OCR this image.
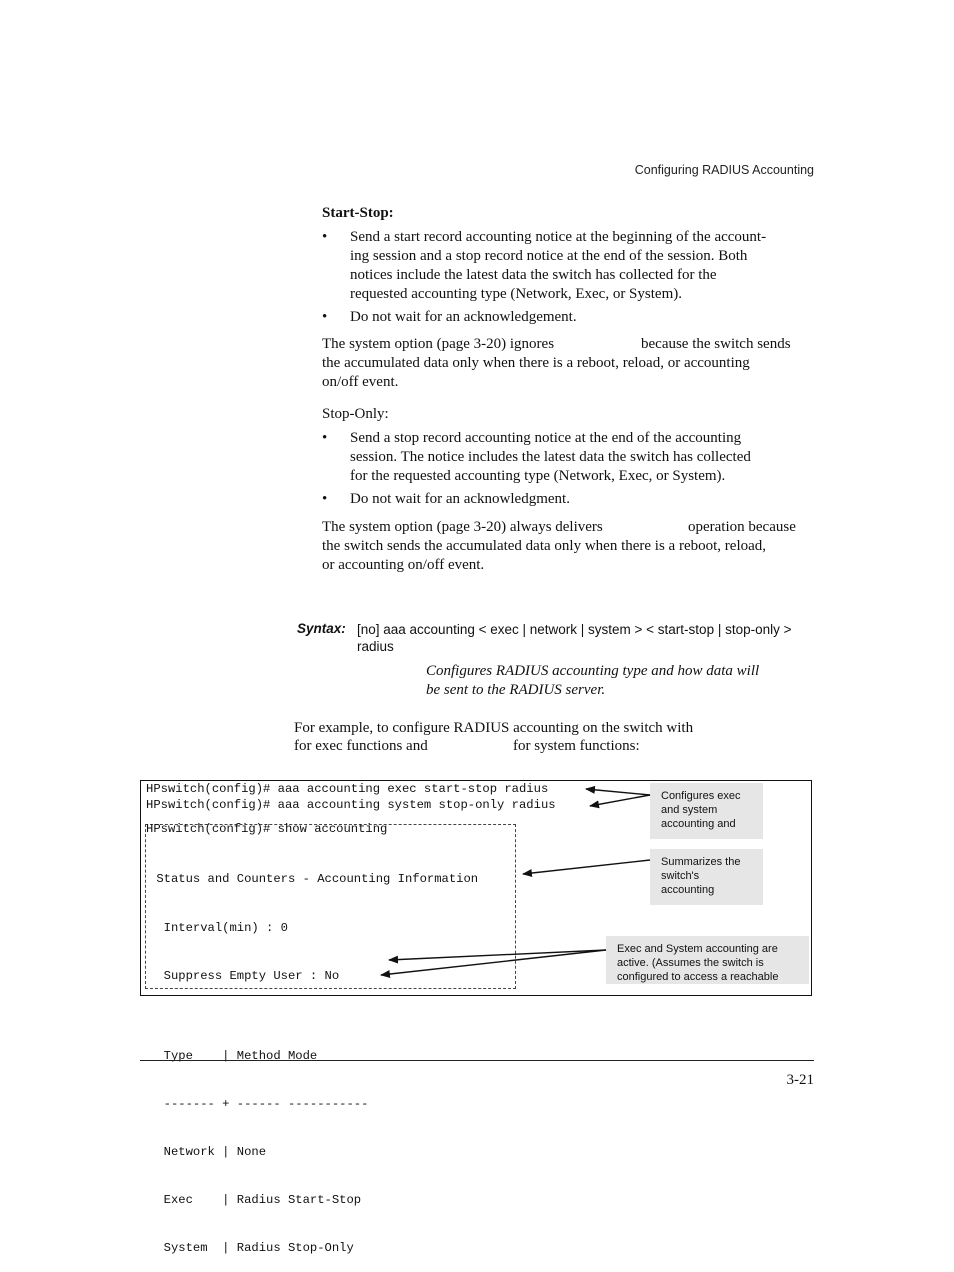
Configuring RADIUS Accounting
Start-Stop:
• Send a start record accounting notice at the beginning of the account-
ing session and a stop record notice at the end of the session. Both
notices include the latest data the switch has collected for the
requested accounting type (Network, Exec, or System).
• Do not wait for an acknowledgement.
The system option (page 3-20) ignores	because the switch sends
the accumulated data only when there is a reboot, reload, or accounting
on/off event.
Stop-Only:
• Send a stop record accounting notice at the end of the accounting
session. The notice includes the latest data the switch has collected
for the requested accounting type (Network, Exec, or System).
• Do not wait for an acknowledgment.
The system option (page 3-20) always delivers	operation because
the switch sends the accumulated data only when there is a reboot, reload,
or accounting on/off event.
Syntax: [no] aaa accounting < exec | network | system > < start-stop | stop-only >
radius
Configures RADIUS accounting type and how data will
be sent to the RADIUS server.
For example, to configure RADIUS accounting on the switch with
for exec functions and	for system functions:
HPswitch(config)# aaa accounting exec start-stop radius
HPswitch(config)# aaa accounting system stop-only radius
HPswitch(config)# show accounting

Status and Counters - Accounting Information

Interval(min) : 0

Suppress Empty User : No

Type    | Method Mode

------- + ------ -----------

Network | None

Exec    | Radius Start-Stop

System  | Radius Stop-Only

Configures exec
and system
accounting and
Summarizes the
switch's
accounting
Exec and System accounting are
active. (Assumes the switch is
configured to access a reachable
3-21
